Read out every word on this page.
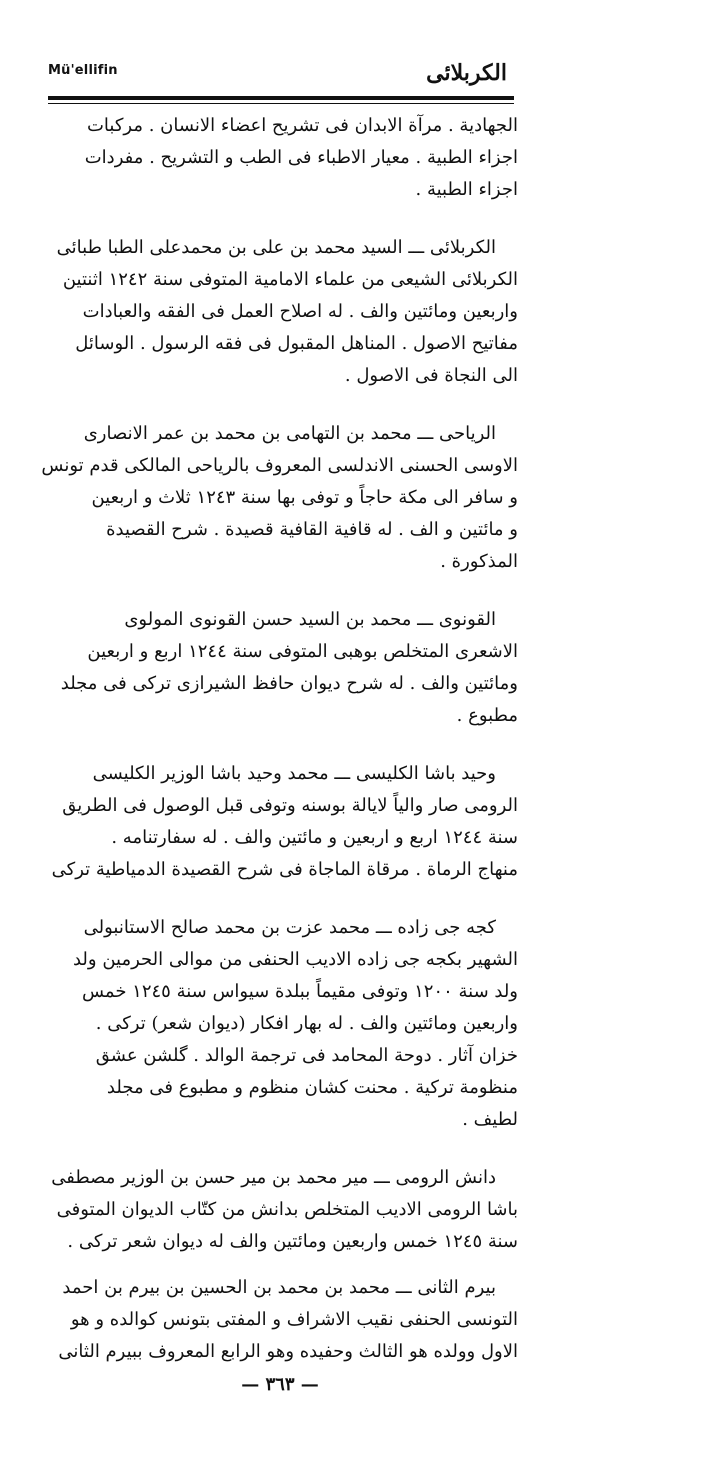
Mü'ellifin	الكربلائى
الجهادية . مرآة الابدان فى تشريح اعضاء الانسان . مركبات
اجزاء الطبية . معيار الاطباء فى الطب و التشريح . مفردات
اجزاء الطبية .
الكربلائى ـــ السيد محمد بن على بن محمدعلى الطبا طبائى
الكربلائى الشيعى من علماء الامامية المتوفى سنة ١٢٤٢ اثنتين
واربعين ومائتين والف . له اصلاح العمل فى الفقه والعبادات
مفاتيح الاصول . المناهل المقبول فى فقه الرسول . الوسائل
الى النجاة فى الاصول .
الرياحى ـــ محمد بن التهامى بن محمد بن عمر الانصارى
الاوسى الحسنى الاندلسى المعروف بالرياحى المالكى قدم تونس
و سافر الى مكة حاجاً و توفى بها سنة ١٢٤٣ ثلاث و اربعين
و مائتين و الف . له قافية القافية قصيدة . شرح القصيدة
المذكورة .
القونوى ـــ محمد بن السيد حسن القونوى المولوى
الاشعرى المتخلص بوهبى المتوفى سنة ١٢٤٤ اربع و اربعين
ومائتين والف . له شرح ديوان حافظ الشيرازى تركى فى مجلد
مطبوع .
وحيد باشا الكليسى ـــ محمد وحيد باشا الوزير الكليسى
الرومى صار والياً لايالة بوسنه وتوفى قبل الوصول فى الطريق
سنة ١٢٤٤ اربع و اربعين و مائتين والف . له سفارتنامه .
منهاج الرماة . مرقاة الماجاة فى شرح القصيدة الدمياطية تركى
كجه جى زاده ـــ محمد عزت بن محمد صالح الاستانبولى
الشهير بكجه جى زاده الاديب الحنفى من موالى الحرمين ولد
ولد سنة ١٢٠٠ وتوفى مقيماً ببلدة سيواس سنة ١٢٤٥ خمس
واربعين ومائتين والف . له بهار افكار (ديوان شعر) تركى .
خزان آثار . دوحة المحامد فى ترجمة الوالد . گلشن عشق
منظومة تركية . محنت كشان منظوم و مطبوع فى مجلد
لطيف .
دانش الرومى ـــ مير محمد بن مير حسن بن الوزير مصطفى
باشا الرومى الاديب المتخلص بدانش من كتّاب الديوان المتوفى
سنة ١٢٤٥ خمس واربعين ومائتين والف له ديوان شعر تركى .
بيرم الثانى ـــ محمد بن محمد بن الحسين بن بيرم بن احمد
التونسى الحنفى نقيب الاشراف و المفتى بتونس كوالده و هو
الاول وولده هو الثالث وحفيده وهو الرابع المعروف ببيرم الثانى
— ٣٦٣ —
